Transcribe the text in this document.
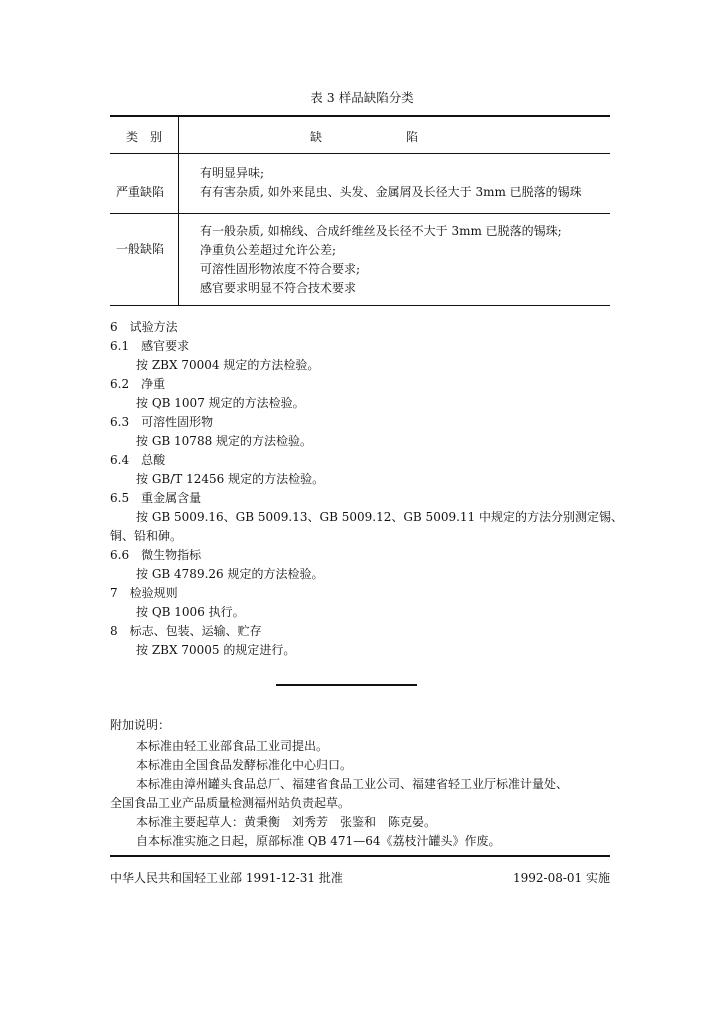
表 3 样品缺陷分类
类　别	缺　　　　　　　陷
严重缺陷
有明显异味;
有有害杂质, 如外来昆虫、头发、金属屑及长径大于 3mm 已脱落的锡珠
一般缺陷
有一般杂质, 如棉线、合成纤维丝及长径不大于 3mm 已脱落的锡珠;
净重负公差超过允许公差;
可溶性固形物浓度不符合要求;
感官要求明显不符合技术要求
6　试验方法
6.1　感官要求
按 ZBX 70004 规定的方法检验。
6.2　净重
按 QB 1007 规定的方法检验。
6.3　可溶性固形物
按 GB 10788 规定的方法检验。
6.4　总酸
按 GB/T 12456 规定的方法检验。
6.5　重金属含量
按 GB 5009.16、GB 5009.13、GB 5009.12、GB 5009.11 中规定的方法分别测定锡、
铜、铅和砷。
6.6　微生物指标
按 GB 4789.26 规定的方法检验。
7　检验规则
按 QB 1006 执行。
8　标志、包装、运输、贮存
按 ZBX 70005 的规定进行。
附加说明：
本标准由轻工业部食品工业司提出。
本标准由全国食品发酵标准化中心归口。
本标准由漳州罐头食品总厂、福建省食品工业公司、福建省轻工业厅标准计量处、
全国食品工业产品质量检测福州站负责起草。
本标准主要起草人：黄秉衡　刘秀芳　张鉴和　陈克晏。
自本标准实施之日起，原部标准 QB 471—64《荔枝汁罐头》作废。
中华人民共和国轻工业部 1991-12-31 批准	1992-08-01 实施
